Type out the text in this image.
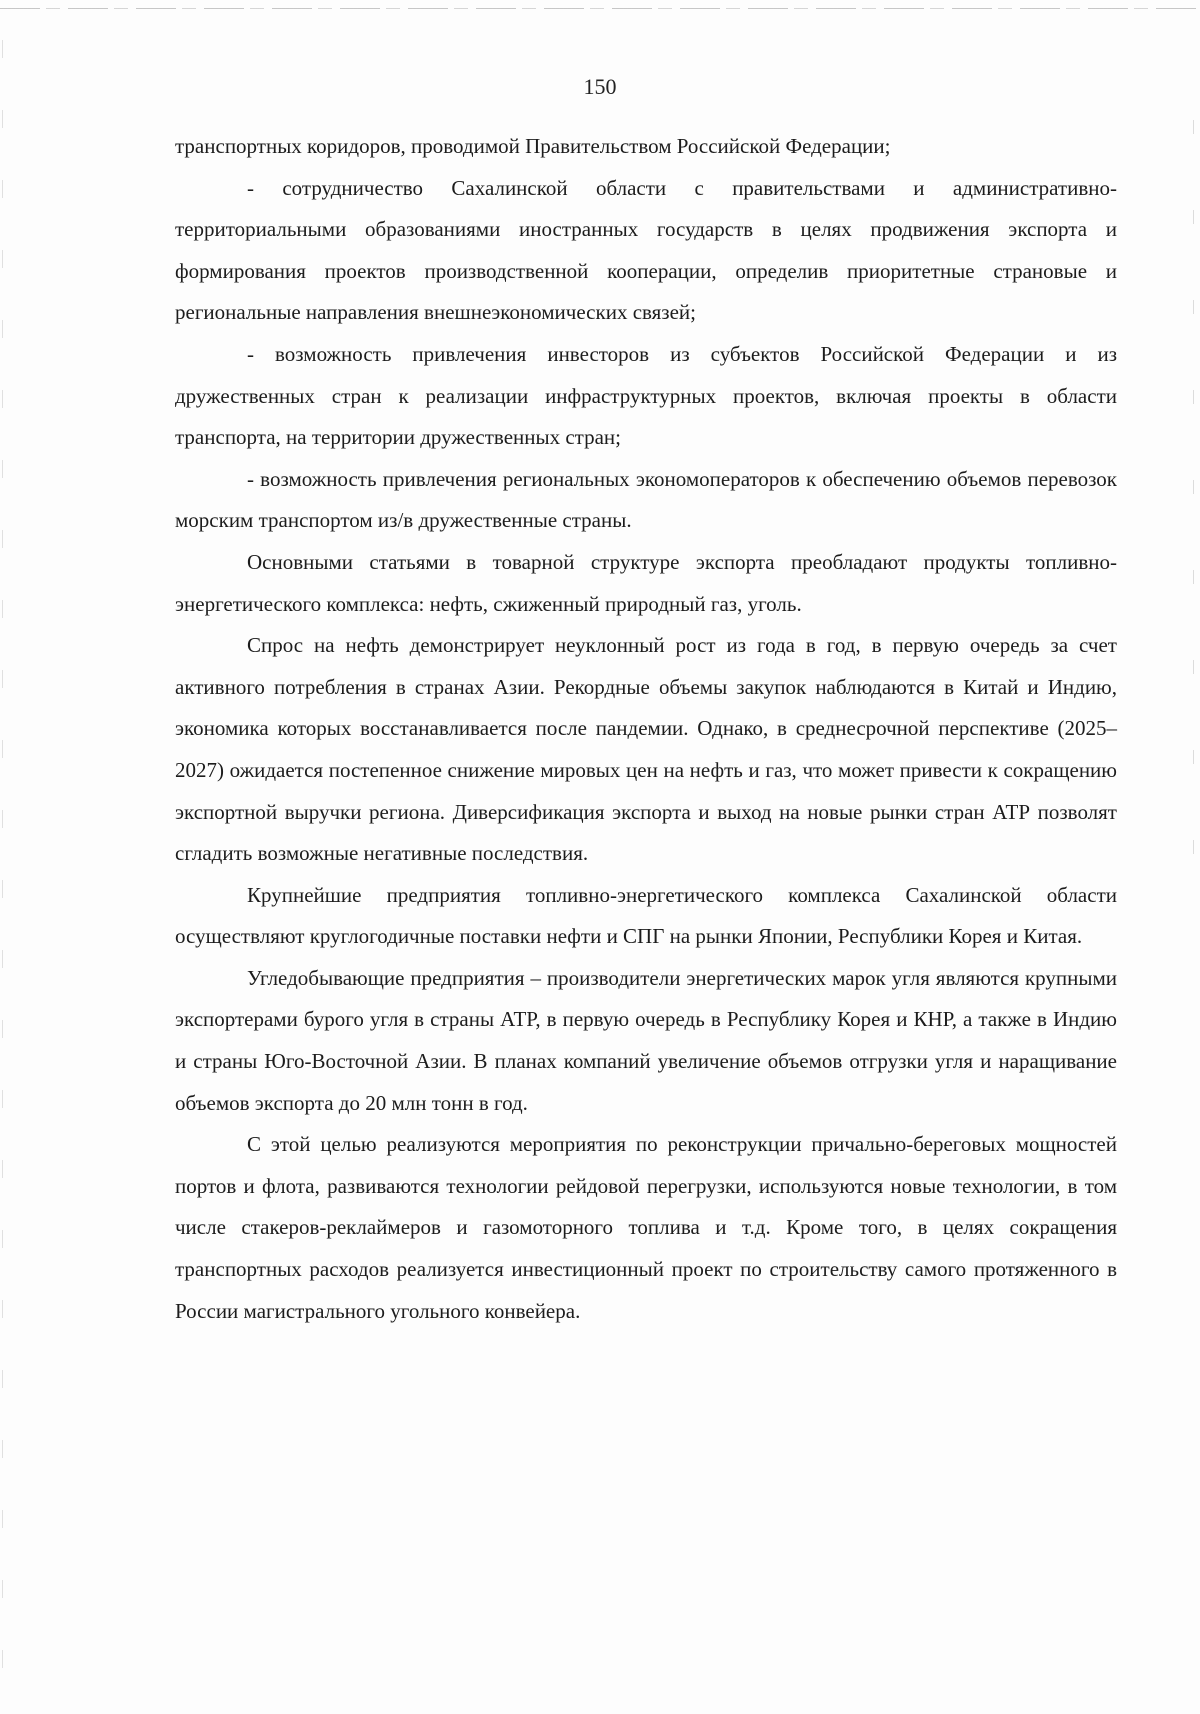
150

транспортных коридоров, проводимой Правительством Российской Федерации;

- сотрудничество Сахалинской области с правительствами и административно-территориальными образованиями иностранных государств в целях продвижения экспорта и формирования проектов производственной кооперации, определив приоритетные страновые и региональные направления внешнеэкономических связей;

- возможность привлечения инвесторов из субъектов Российской Федерации и из дружественных стран к реализации инфраструктурных проектов, включая проекты в области транспорта, на территории дружественных стран;

- возможность привлечения региональных экономоператоров к обеспечению объемов перевозок морским транспортом из/в дружественные страны.

Основными статьями в товарной структуре экспорта преобладают продукты топливно-энергетического комплекса: нефть, сжиженный природный газ, уголь.

Спрос на нефть демонстрирует неуклонный рост из года в год, в первую очередь за счет активного потребления в странах Азии. Рекордные объемы закупок наблюдаются в Китай и Индию, экономика которых восстанавливается после пандемии. Однако, в среднесрочной перспективе (2025–2027) ожидается постепенное снижение мировых цен на нефть и газ, что может привести к сокращению экспортной выручки региона. Диверсификация экспорта и выход на новые рынки стран АТР позволят сгладить возможные негативные последствия.

Крупнейшие предприятия топливно-энергетического комплекса Сахалинской области осуществляют круглогодичные поставки нефти и СПГ на рынки Японии, Республики Корея и Китая.

Угледобывающие предприятия – производители энергетических марок угля являются крупными экспортерами бурого угля в страны АТР, в первую очередь в Республику Корея и КНР, а также в Индию и страны Юго-Восточной Азии. В планах компаний увеличение объемов отгрузки угля и наращивание объемов экспорта до 20 млн тонн в год.

С этой целью реализуются мероприятия по реконструкции причально-береговых мощностей портов и флота, развиваются технологии рейдовой перегрузки, используются новые технологии, в том числе стакеров-реклаймеров и газомоторного топлива и т.д. Кроме того, в целях сокращения транспортных расходов реализуется инвестиционный проект по строительству самого протяженного в России магистрального угольного конвейера.
